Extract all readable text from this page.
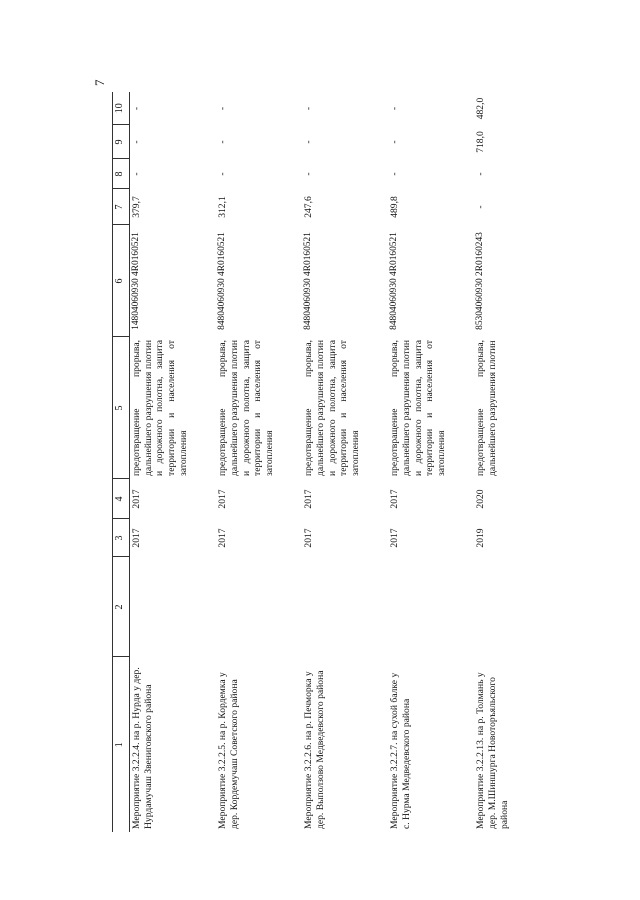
7
1	2	3	4	5	6	7	8	9	10
Мероприятие 3.2.2.4. на р. Нурда у дер. Нурдамучаш Звениговского района		2017	2017	предотвращение прорыва, дальнейшего разрушения плотин и дорожного полотна, защита территории и населения от затопления	14804060930 4R0160521	379,7	-	-	-
Мероприятие 3.2.2.5. на р. Кордемка у дер. Кордемучаш Советского района		2017	2017	предотвращение прорыва, дальнейшего разрушения плотин и дорожного полотна, защита территории и населения от затопления	84804060930 4R0160521	312,1	-	-	-
Мероприятие 3.2.2.6. на р. Печморка у дер. Выползово Медведевского района		2017	2017	предотвращение прорыва, дальнейшего разрушения плотин и дорожного полотна, защита территории и населения от затопления	84804060930 4R0160521	247,6	-	-	-
Мероприятие 3.2.2.7. на сухой балке у с. Нурма Медведевского района		2017	2017	предотвращение прорыва, дальнейшего разрушения плотин и дорожного полотна, защита территории и населения от затопления	84804060930 4R0160521	489,8	-	-	-
Мероприятие 3.2.2.13. на р. Толмань у дер. М.Шиншурга Новоторъяльского района		2019	2020	предотвращение прорыва, дальнейшего разрушения плотин	85304060930 2R0160243	-	-	718,0	482,0
